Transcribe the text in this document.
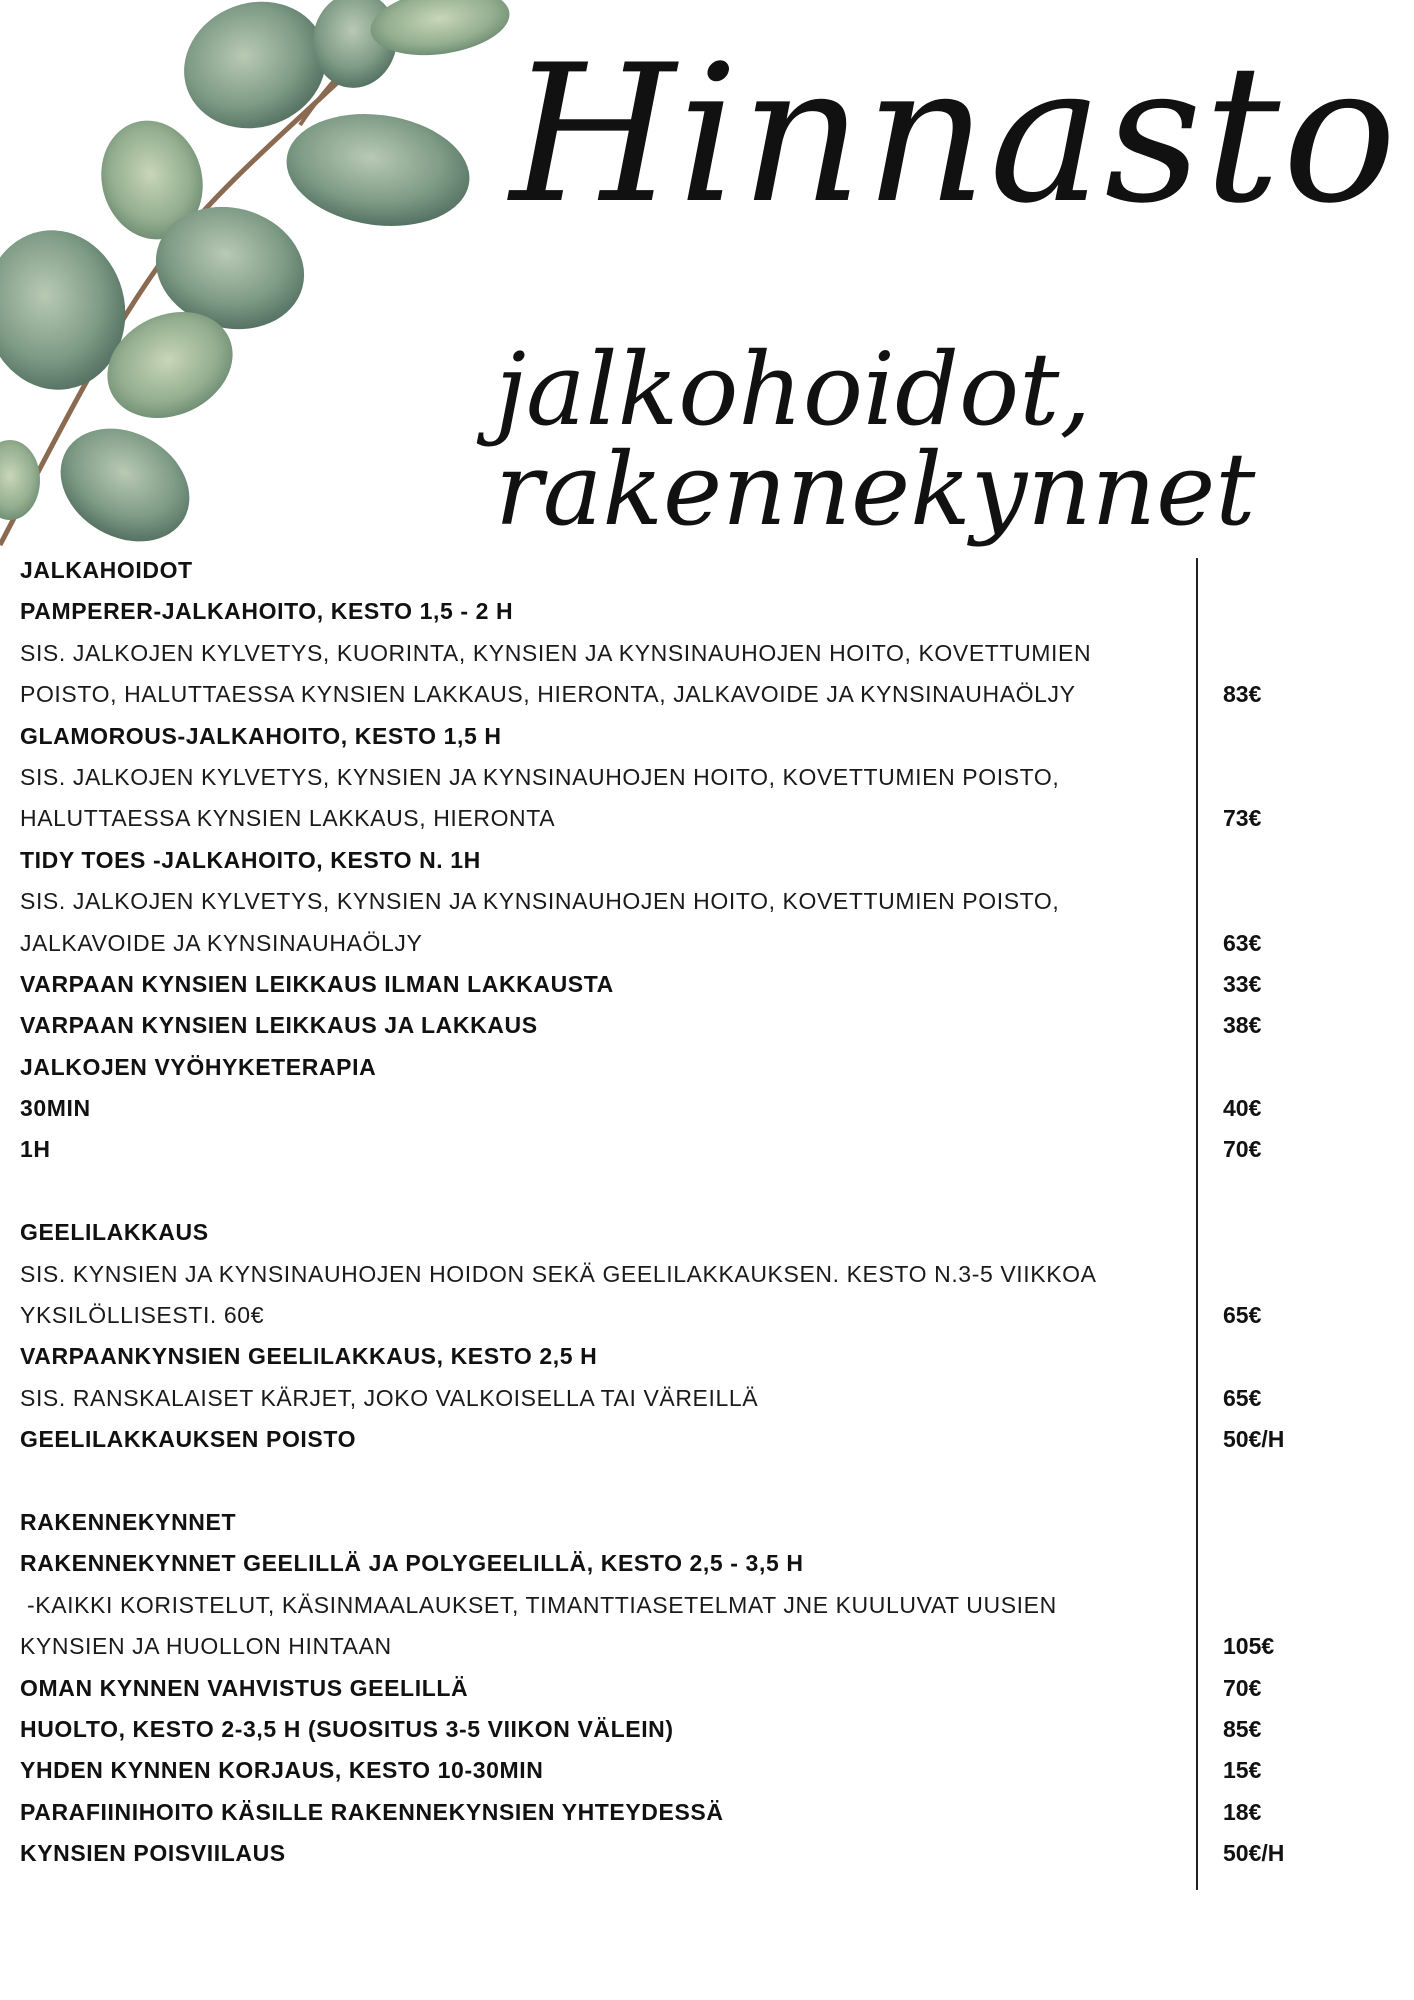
Hinnasto
jalkohoidot, rakennekynnet
JALKAHOIDOT
PAMPERER-JALKAHOITO, KESTO 1,5 - 2 H
SIS. JALKOJEN KYLVETYS, KUORINTA, KYNSIEN JA KYNSINAUHOJEN HOITO, KOVETTUMIEN
POISTO, HALUTTAESSA KYNSIEN LAKKAUS, HIERONTA, JALKAVOIDE JA KYNSINAUHAÖLJY	83€
GLAMOROUS-JALKAHOITO, KESTO 1,5 H
SIS. JALKOJEN KYLVETYS, KYNSIEN JA KYNSINAUHOJEN HOITO, KOVETTUMIEN POISTO,
HALUTTAESSA KYNSIEN LAKKAUS, HIERONTA	73€
TIDY TOES -JALKAHOITO, KESTO N. 1H
SIS. JALKOJEN KYLVETYS, KYNSIEN JA KYNSINAUHOJEN HOITO, KOVETTUMIEN POISTO,
JALKAVOIDE JA KYNSINAUHAÖLJY	63€
VARPAAN KYNSIEN LEIKKAUS ILMAN LAKKAUSTA	33€
VARPAAN KYNSIEN LEIKKAUS JA LAKKAUS	38€
JALKOJEN VYÖHYKETERAPIA
30MIN	40€
1H	70€
GEELILAKKAUS
SIS. KYNSIEN JA KYNSINAUHOJEN HOIDON SEKÄ GEELILAKKAUKSEN. KESTO N.3-5 VIIKKOA
YKSILÖLLISESTI. 60€	65€
VARPAANKYNSIEN GEELILAKKAUS, KESTO 2,5 H
SIS. RANSKALAISET KÄRJET, JOKO VALKOISELLA TAI VÄREILLÄ	65€
GEELILAKKAUKSEN POISTO	50€/H
RAKENNEKYNNET
RAKENNEKYNNET GEELILLÄ JA POLYGEELILLÄ, KESTO 2,5 - 3,5 H
-KAIKKI KORISTELUT, KÄSINMAALAUKSET, TIMANTTIASETELMAT JNE KUULUVAT UUSIEN
KYNSIEN JA HUOLLON HINTAAN	105€
OMAN KYNNEN VAHVISTUS GEELILLÄ	70€
HUOLTO, KESTO 2-3,5 H (SUOSITUS 3-5 VIIKON VÄLEIN)	85€
YHDEN KYNNEN KORJAUS, KESTO 10-30MIN	15€
PARAFIINIHOITO KÄSILLE RAKENNEKYNSIEN YHTEYDESSÄ	18€
KYNSIEN POISVIILAUS	50€/H
